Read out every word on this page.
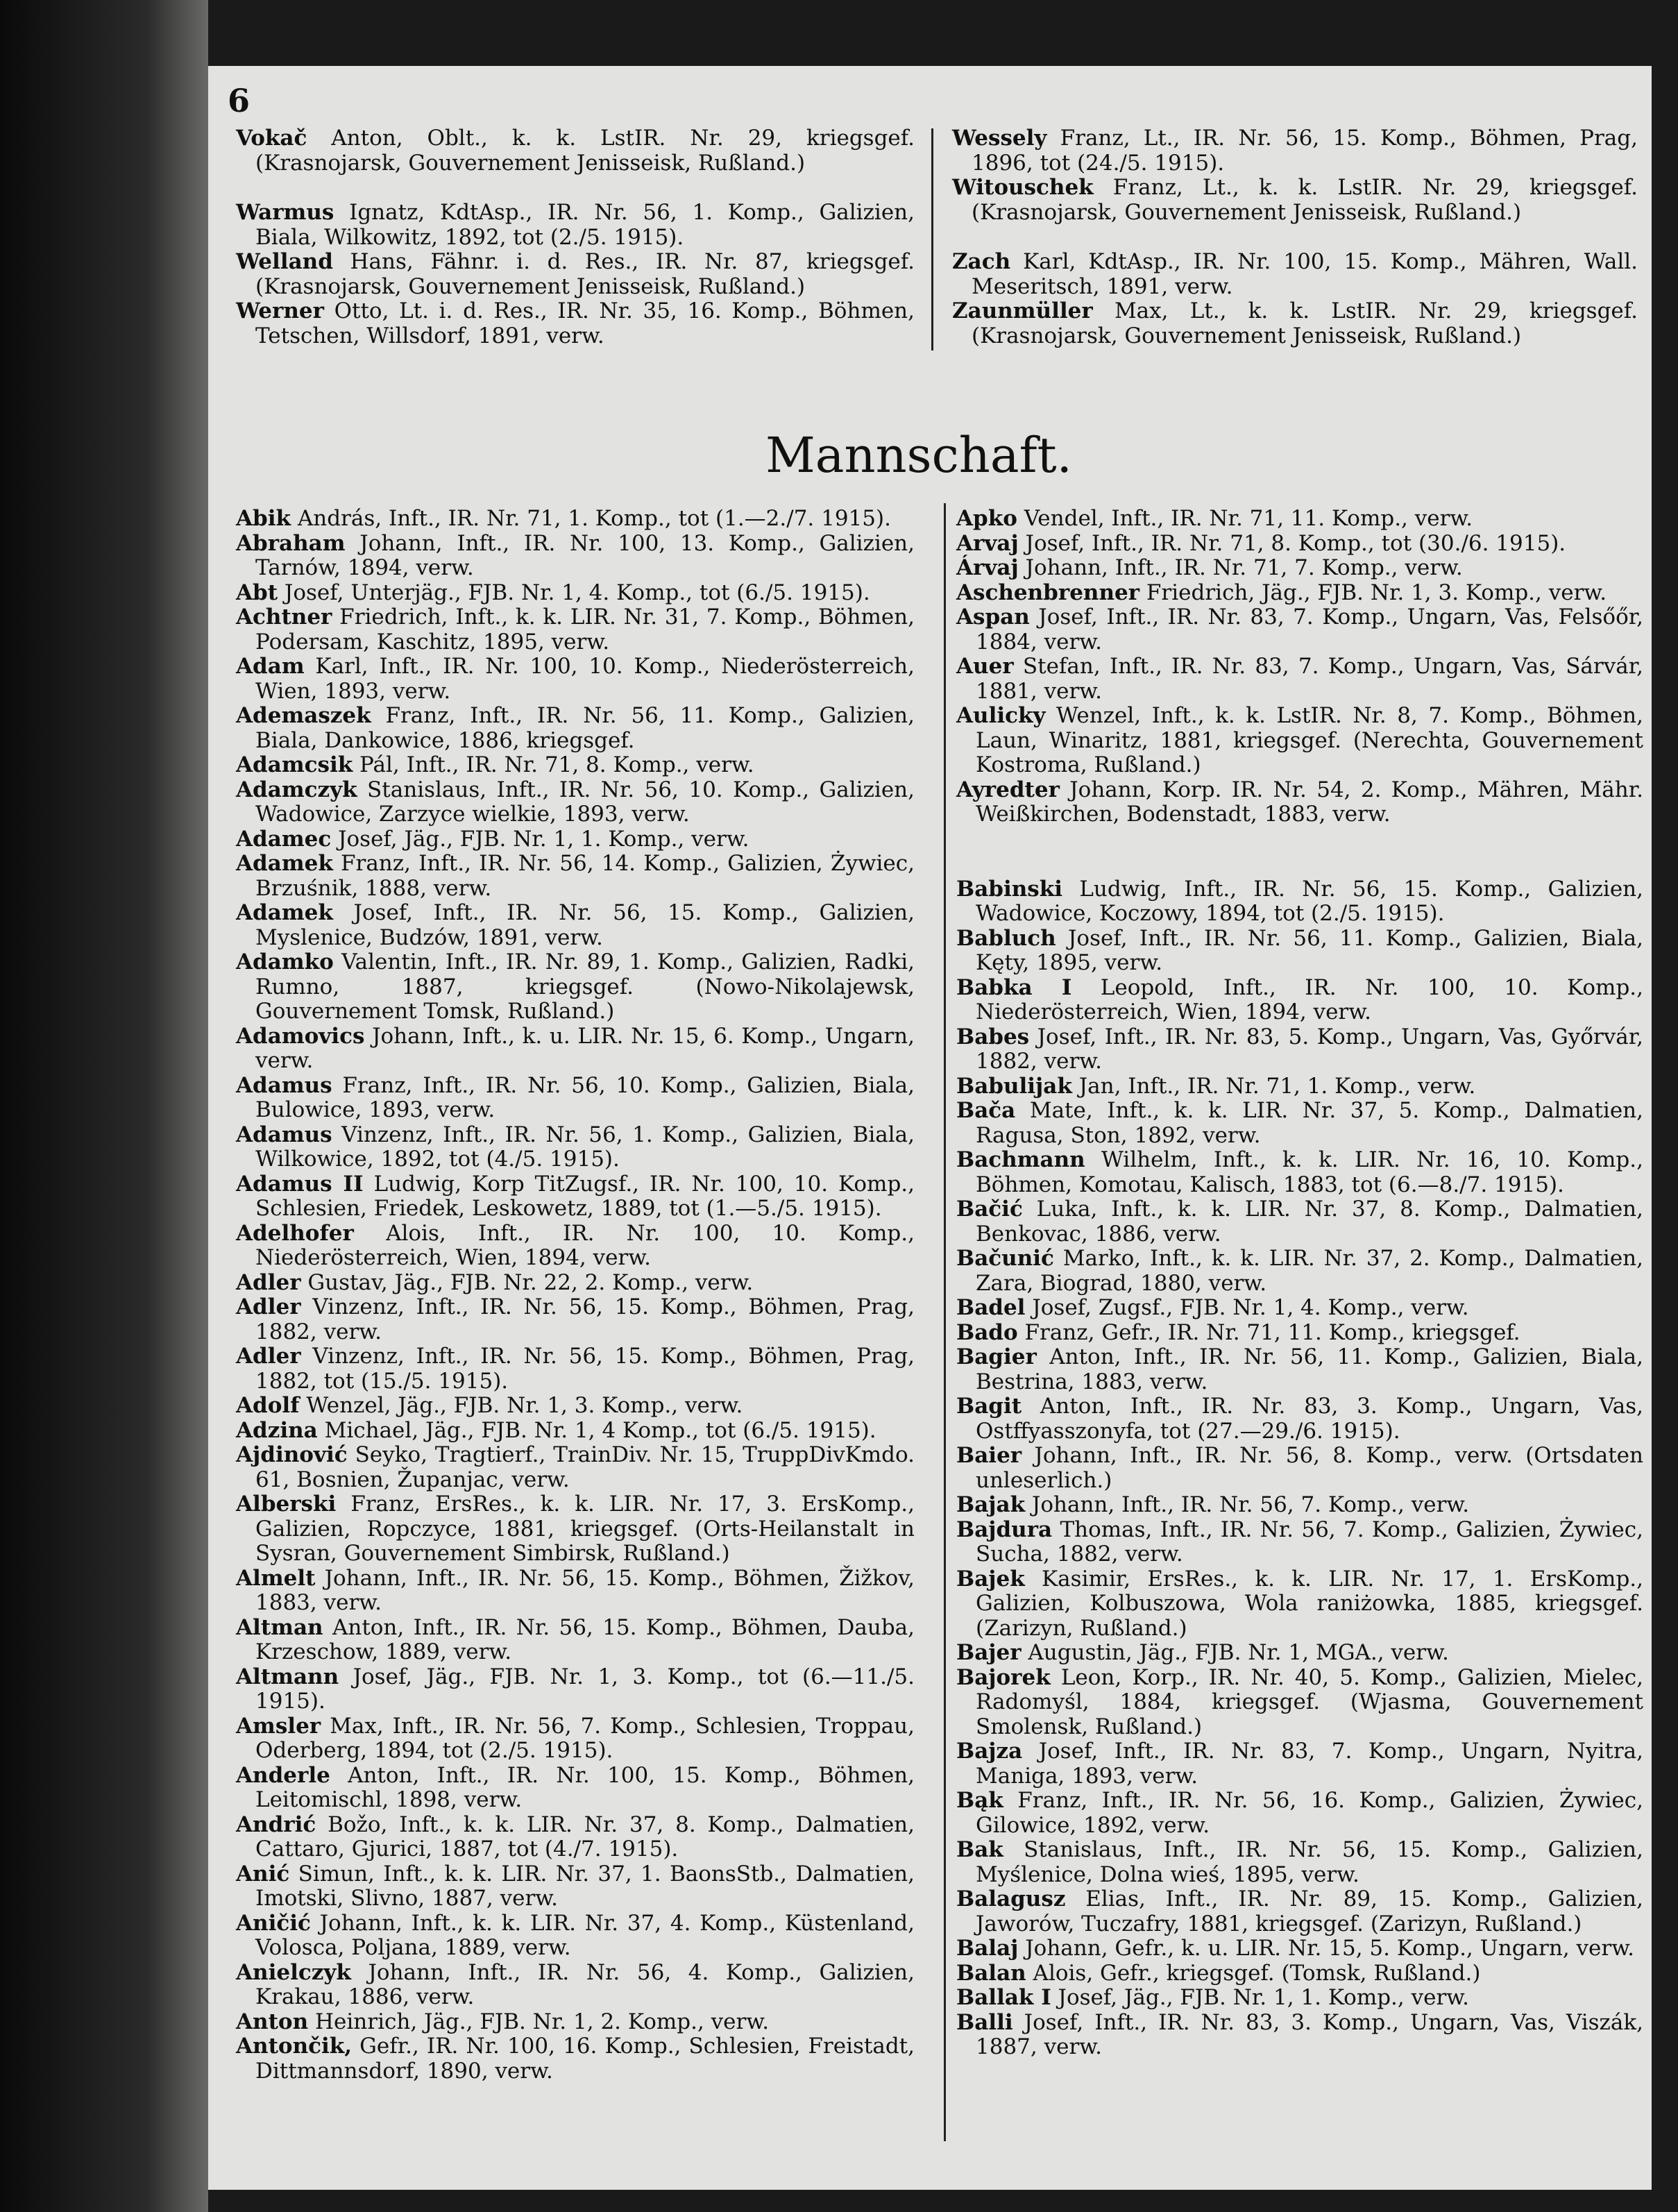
6

Vokač Anton, Oblt., k. k. LstIR. Nr. 29, kriegsgef. (Krasnojarsk, Gouvernement Jenisseisk, Rußland.)

Warmus Ignatz, KdtAsp., IR. Nr. 56, 1. Komp., Galizien, Biala, Wilkowitz, 1892, tot (2./5. 1915).

Welland Hans, Fähnr. i. d. Res., IR. Nr. 87, kriegsgef. (Krasnojarsk, Gouvernement Jenisseisk, Rußland.)

Werner Otto, Lt. i. d. Res., IR. Nr. 35, 16. Komp., Böhmen, Tetschen, Willsdorf, 1891, verw.

Wessely Franz, Lt., IR. Nr. 56, 15. Komp., Böhmen, Prag, 1896, tot (24./5. 1915).

Witouschek Franz, Lt., k. k. LstIR. Nr. 29, kriegsgef. (Krasnojarsk, Gouvernement Jenisseisk, Rußland.)

Zach Karl, KdtAsp., IR. Nr. 100, 15. Komp., Mähren, Wall. Meseritsch, 1891, verw.

Zaunmüller Max, Lt., k. k. LstIR. Nr. 29, kriegsgef. (Krasnojarsk, Gouvernement Jenisseisk, Rußland.)

Mannschaft.

Abik András, Inft., IR. Nr. 71, 1. Komp., tot (1.—2./7. 1915).

Abraham Johann, Inft., IR. Nr. 100, 13. Komp., Galizien, Tarnów, 1894, verw.

Abt Josef, Unterjäg., FJB. Nr. 1, 4. Komp., tot (6./5. 1915).

Achtner Friedrich, Inft., k. k. LIR. Nr. 31, 7. Komp., Böhmen, Podersam, Kaschitz, 1895, verw.

Adam Karl, Inft., IR. Nr. 100, 10. Komp., Niederösterreich, Wien, 1893, verw.

Ademaszek Franz, Inft., IR. Nr. 56, 11. Komp., Galizien, Biala, Dankowice, 1886, kriegsgef.

Adamcsik Pál, Inft., IR. Nr. 71, 8. Komp., verw.

Adamczyk Stanislaus, Inft., IR. Nr. 56, 10. Komp., Galizien, Wadowice, Zarzyce wielkie, 1893, verw.

Adamec Josef, Jäg., FJB. Nr. 1, 1. Komp., verw.

Adamek Franz, Inft., IR. Nr. 56, 14. Komp., Galizien, Żywiec, Brzuśnik, 1888, verw.

Adamek Josef, Inft., IR. Nr. 56, 15. Komp., Galizien, Myslenice, Budzów, 1891, verw.

Adamko Valentin, Inft., IR. Nr. 89, 1. Komp., Galizien, Radki, Rumno, 1887, kriegsgef. (Nowo-Nikolajewsk, Gouvernement Tomsk, Rußland.)

Adamovics Johann, Inft., k. u. LIR. Nr. 15, 6. Komp., Ungarn, verw.

Adamus Franz, Inft., IR. Nr. 56, 10. Komp., Galizien, Biala, Bulowice, 1893, verw.

Adamus Vinzenz, Inft., IR. Nr. 56, 1. Komp., Galizien, Biala, Wilkowice, 1892, tot (4./5. 1915).

Adamus II Ludwig, Korp TitZugsf., IR. Nr. 100, 10. Komp., Schlesien, Friedek, Leskowetz, 1889, tot (1.—5./5. 1915).

Adelhofer Alois, Inft., IR. Nr. 100, 10. Komp., Niederösterreich, Wien, 1894, verw.

Adler Gustav, Jäg., FJB. Nr. 22, 2. Komp., verw.

Adler Vinzenz, Inft., IR. Nr. 56, 15. Komp., Böhmen, Prag, 1882, verw.

Adler Vinzenz, Inft., IR. Nr. 56, 15. Komp., Böhmen, Prag, 1882, tot (15./5. 1915).

Adolf Wenzel, Jäg., FJB. Nr. 1, 3. Komp., verw.

Adzina Michael, Jäg., FJB. Nr. 1, 4 Komp., tot (6./5. 1915).

Ajdinović Seyko, Tragtierf., TrainDiv. Nr. 15, TruppDivKmdo. 61, Bosnien, Županjac, verw.

Alberski Franz, ErsRes., k. k. LIR. Nr. 17, 3. ErsKomp., Galizien, Ropczyce, 1881, kriegsgef. (Orts-Heilanstalt in Sysran, Gouvernement Simbirsk, Rußland.)

Almelt Johann, Inft., IR. Nr. 56, 15. Komp., Böhmen, Žižkov, 1883, verw.

Altman Anton, Inft., IR. Nr. 56, 15. Komp., Böhmen, Dauba, Krzeschow, 1889, verw.

Altmann Josef, Jäg., FJB. Nr. 1, 3. Komp., tot (6.—11./5. 1915).

Amsler Max, Inft., IR. Nr. 56, 7. Komp., Schlesien, Troppau, Oderberg, 1894, tot (2./5. 1915).

Anderle Anton, Inft., IR. Nr. 100, 15. Komp., Böhmen, Leitomischl, 1898, verw.

Andrić Božo, Inft., k. k. LIR. Nr. 37, 8. Komp., Dalmatien, Cattaro, Gjurici, 1887, tot (4./7. 1915).

Anić Simun, Inft., k. k. LIR. Nr. 37, 1. BaonsStb., Dalmatien, Imotski, Slivno, 1887, verw.

Aničić Johann, Inft., k. k. LIR. Nr. 37, 4. Komp., Küstenland, Volosca, Poljana, 1889, verw.

Anielczyk Johann, Inft., IR. Nr. 56, 4. Komp., Galizien, Krakau, 1886, verw.

Anton Heinrich, Jäg., FJB. Nr. 1, 2. Komp., verw.

Antončik, Gefr., IR. Nr. 100, 16. Komp., Schlesien, Freistadt, Dittmannsdorf, 1890, verw.

Apko Vendel, Inft., IR. Nr. 71, 11. Komp., verw.

Arvaj Josef, Inft., IR. Nr. 71, 8. Komp., tot (30./6. 1915).

Árvaj Johann, Inft., IR. Nr. 71, 7. Komp., verw.

Aschenbrenner Friedrich, Jäg., FJB. Nr. 1, 3. Komp., verw.

Aspan Josef, Inft., IR. Nr. 83, 7. Komp., Ungarn, Vas, Felsőőr, 1884, verw.

Auer Stefan, Inft., IR. Nr. 83, 7. Komp., Ungarn, Vas, Sárvár, 1881, verw.

Aulicky Wenzel, Inft., k. k. LstIR. Nr. 8, 7. Komp., Böhmen, Laun, Winaritz, 1881, kriegsgef. (Nerechta, Gouvernement Kostroma, Rußland.)

Ayredter Johann, Korp. IR. Nr. 54, 2. Komp., Mähren, Mähr. Weißkirchen, Bodenstadt, 1883, verw.

Babinski Ludwig, Inft., IR. Nr. 56, 15. Komp., Galizien, Wadowice, Koczowy, 1894, tot (2./5. 1915).

Babluch Josef, Inft., IR. Nr. 56, 11. Komp., Galizien, Biala, Kęty, 1895, verw.

Babka I Leopold, Inft., IR. Nr. 100, 10. Komp., Niederösterreich, Wien, 1894, verw.

Babes Josef, Inft., IR. Nr. 83, 5. Komp., Ungarn, Vas, Győrvár, 1882, verw.

Babulijak Jan, Inft., IR. Nr. 71, 1. Komp., verw.

Bača Mate, Inft., k. k. LIR. Nr. 37, 5. Komp., Dalmatien, Ragusa, Ston, 1892, verw.

Bachmann Wilhelm, Inft., k. k. LIR. Nr. 16, 10. Komp., Böhmen, Komotau, Kalisch, 1883, tot (6.—8./7. 1915).

Bačić Luka, Inft., k. k. LIR. Nr. 37, 8. Komp., Dalmatien, Benkovac, 1886, verw.

Bačunić Marko, Inft., k. k. LIR. Nr. 37, 2. Komp., Dalmatien, Zara, Biograd, 1880, verw.

Badel Josef, Zugsf., FJB. Nr. 1, 4. Komp., verw.

Bado Franz, Gefr., IR. Nr. 71, 11. Komp., kriegsgef.

Bagier Anton, Inft., IR. Nr. 56, 11. Komp., Galizien, Biala, Bestrina, 1883, verw.

Bagit Anton, Inft., IR. Nr. 83, 3. Komp., Ungarn, Vas, Ostffyasszonyfa, tot (27.—29./6. 1915).

Baier Johann, Inft., IR. Nr. 56, 8. Komp., verw. (Ortsdaten unleserlich.)

Bajak Johann, Inft., IR. Nr. 56, 7. Komp., verw.

Bajdura Thomas, Inft., IR. Nr. 56, 7. Komp., Galizien, Żywiec, Sucha, 1882, verw.

Bajek Kasimir, ErsRes., k. k. LIR. Nr. 17, 1. ErsKomp., Galizien, Kolbuszowa, Wola raniżowka, 1885, kriegsgef. (Zarizyn, Rußland.)

Bajer Augustin, Jäg., FJB. Nr. 1, MGA., verw.

Bajorek Leon, Korp., IR. Nr. 40, 5. Komp., Galizien, Mielec, Radomyśl, 1884, kriegsgef. (Wjasma, Gouvernement Smolensk, Rußland.)

Bajza Josef, Inft., IR. Nr. 83, 7. Komp., Ungarn, Nyitra, Maniga, 1893, verw.

Bąk Franz, Inft., IR. Nr. 56, 16. Komp., Galizien, Żywiec, Gilowice, 1892, verw.

Bak Stanislaus, Inft., IR. Nr. 56, 15. Komp., Galizien, Myślenice, Dolna wieś, 1895, verw.

Balagusz Elias, Inft., IR. Nr. 89, 15. Komp., Galizien, Jaworów, Tuczafry, 1881, kriegsgef. (Zarizyn, Rußland.)

Balaj Johann, Gefr., k. u. LIR. Nr. 15, 5. Komp., Ungarn, verw.

Balan Alois, Gefr., kriegsgef. (Tomsk, Rußland.)

Ballak I Josef, Jäg., FJB. Nr. 1, 1. Komp., verw.

Balli Josef, Inft., IR. Nr. 83, 3. Komp., Ungarn, Vas, Viszák, 1887, verw.
